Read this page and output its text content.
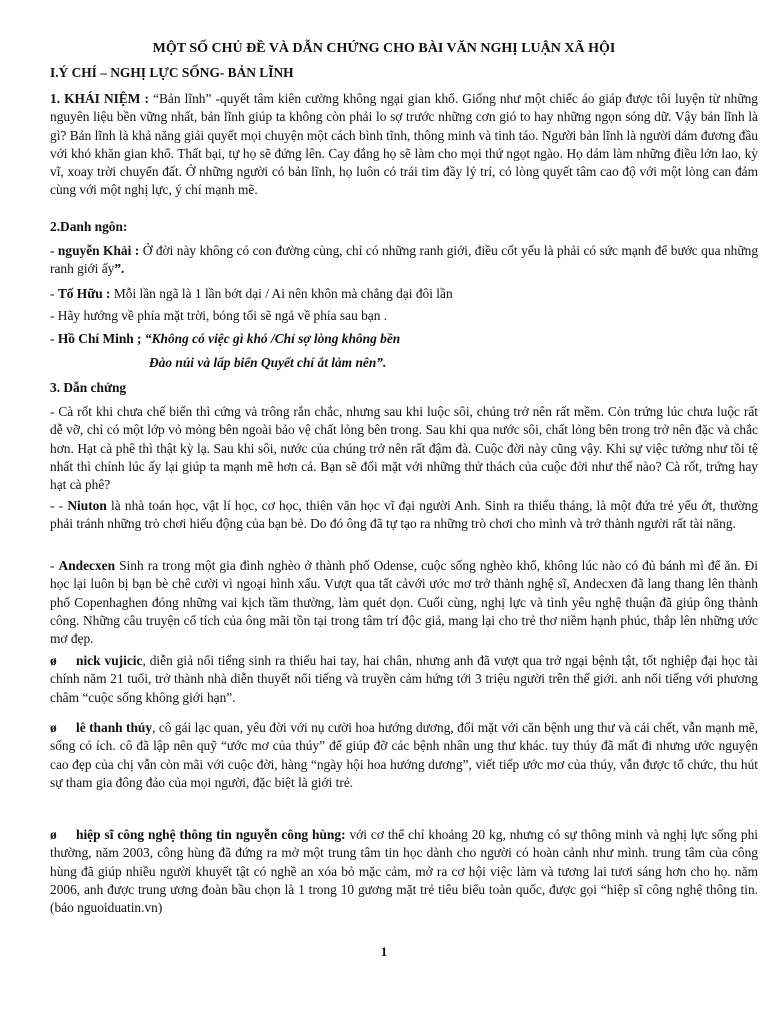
MỘT SỐ CHỦ ĐỀ VÀ DẪN CHỨNG CHO BÀI VĂN NGHỊ LUẬN XÃ HỘI
I.Ý CHÍ – NGHỊ LỰC SỐNG- BẢN LĨNH

1. KHÁI NIỆM : “Bản lĩnh” -quyết tâm kiên cường không ngại gian khổ. Giống như một chiếc áo giáp được tôi luyện từ những nguyên liệu bền vững nhất, bản lĩnh giúp ta không còn phải lo sợ trước những cơn gió to hay những ngọn sóng dữ. Vậy bản lĩnh là gì? Bản lĩnh là khả năng giải quyết mọi chuyện một cách bình tĩnh, thông minh và tinh táo. Người bản lĩnh là người dám đương đầu với khó khăn gian khổ. Thất bại, tự họ sẽ đứng lên. Cay đắng họ sẽ làm cho mọi thứ ngọt ngào. Họ dám làm những điều lớn lao, kỳ vĩ, xoay trời chuyển đất. Ở những người có bản lĩnh, họ luôn có trái tim đầy lý trí, có lòng quyết tâm cao độ với một lòng can đảm cùng với một nghị lực, ý chí mạnh mẽ.

2.Danh ngôn:

- nguyễn Khải : Ở đời này không có con đường cùng, chỉ có những ranh giới, điều cốt yếu là phải có sức mạnh để bước qua những ranh giới ấy”.

- Tố Hữu : Mỗi lần ngã là 1 lần bớt dại / Ai nên khôn mà chẳng dại đôi lần

- Hãy hướng về phía mặt trời, bóng tối sẽ ngả về phía sau bạn .

- Hồ Chí Minh ; “Không có việc gì khó /Chỉ sợ lòng không bền

Đào núi và lấp biển Quyết chí ắt làm nên”.

3. Dẫn chứng

- Cà rốt khi chưa chế biến thì cứng và trông rắn chắc, nhưng sau khi luộc sôi, chúng trở nên rất mềm. Còn trứng lúc chưa luộc rất dễ vỡ, chỉ có một lớp vỏ mỏng bên ngoài bảo vệ chất lỏng bên trong. Sau khi qua nước sôi, chất lỏng bên trong trở nên đặc và chắc hơn. Hạt cà phê thì thật kỳ lạ. Sau khi sôi, nước của chúng trở nên rất đậm đà. Cuộc đời này cũng vậy. Khi sự việc tưởng như tồi tệ nhất thì chính lúc ấy lại giúp ta mạnh mẽ hơn cả. Bạn sẽ đối mặt với những thử thách của cuộc đời như thế nào? Cà rốt, trứng hay hạt cà phê?

- - Niuton là nhà toán học, vật lí học, cơ học, thiên văn học vĩ đại người Anh. Sinh ra thiếu tháng, là một đứa trẻ yếu ớt, thường phải tránh những trò chơi hiếu động của bạn bè. Do đó ông đã tự tạo ra những trò chơi cho mình và trở thành người rất tài năng.

- Andecxen Sinh ra trong một gia đình nghèo ở thành phố Odense, cuộc sống nghèo khổ, không lúc nào có đủ bánh mì để ăn. Đi học lại luôn bị bạn bè chê cười vì ngoại hình xấu. Vượt qua tất cảvới ước mơ trở thành nghệ sĩ, Andecxen đã lang thang lên thành phố Copenhaghen đóng những vai kịch tầm thường, làm quét dọn. Cuối cùng, nghị lực và tình yêu nghệ thuận đã giúp ông thành công. Những câu truyện cổ tích của ông mãi tồn tại trong tâm trí độc giả, mang lại cho trẻ thơ niềm hạnh phúc, thắp lên những ước mơ đẹp.

ø nick vujicic, diễn giả nổi tiếng sinh ra thiếu hai tay, hai chân, nhưng anh đã vượt qua trở ngại bệnh tật, tốt nghiệp đại học tài chính năm 21 tuổi, trở thành nhà diễn thuyết nổi tiếng và truyền cảm hứng tới 3 triệu người trên thế giới. anh nổi tiếng với phương châm “cuộc sống không giới hạn”.

ø lê thanh thúy, cô gái lạc quan, yêu đời với nụ cười hoa hướng dương, đối mặt với căn bệnh ung thư và cái chết, vẫn mạnh mẽ, sống có ích. cô đã lập nên quỹ “ước mơ của thúy” để giúp đỡ các bệnh nhân ung thư khác. tuy thúy đã mất đi nhưng ước nguyện cao đẹp của chị vẫn còn mãi với cuộc đời, hàng “ngày hội hoa hướng dương”, viết tiếp ước mơ của thúy, vẫn được tổ chức, thu hút sự tham gia đông đảo của mọi người, đặc biệt là giới trẻ.

ø hiệp sĩ công nghệ thông tin nguyễn công hùng: với cơ thể chỉ khoảng 20 kg, nhưng có sự thông minh và nghị lực sống phi thường, năm 2003, công hùng đã đứng ra mở một trung tâm tin học dành cho người có hoàn cảnh như mình. trung tâm của công hùng đã giúp nhiều người khuyết tật có nghề an xóa bỏ mặc cảm, mở ra cơ hội việc làm và tương lai tươi sáng hơn cho họ. năm 2006, anh được trung ương đoàn bầu chọn là 1 trong 10 gương mặt trẻ tiêu biểu toàn quốc, được gọi “hiệp sĩ công nghệ thông tin. (báo nguoiduatin.vn)

1
